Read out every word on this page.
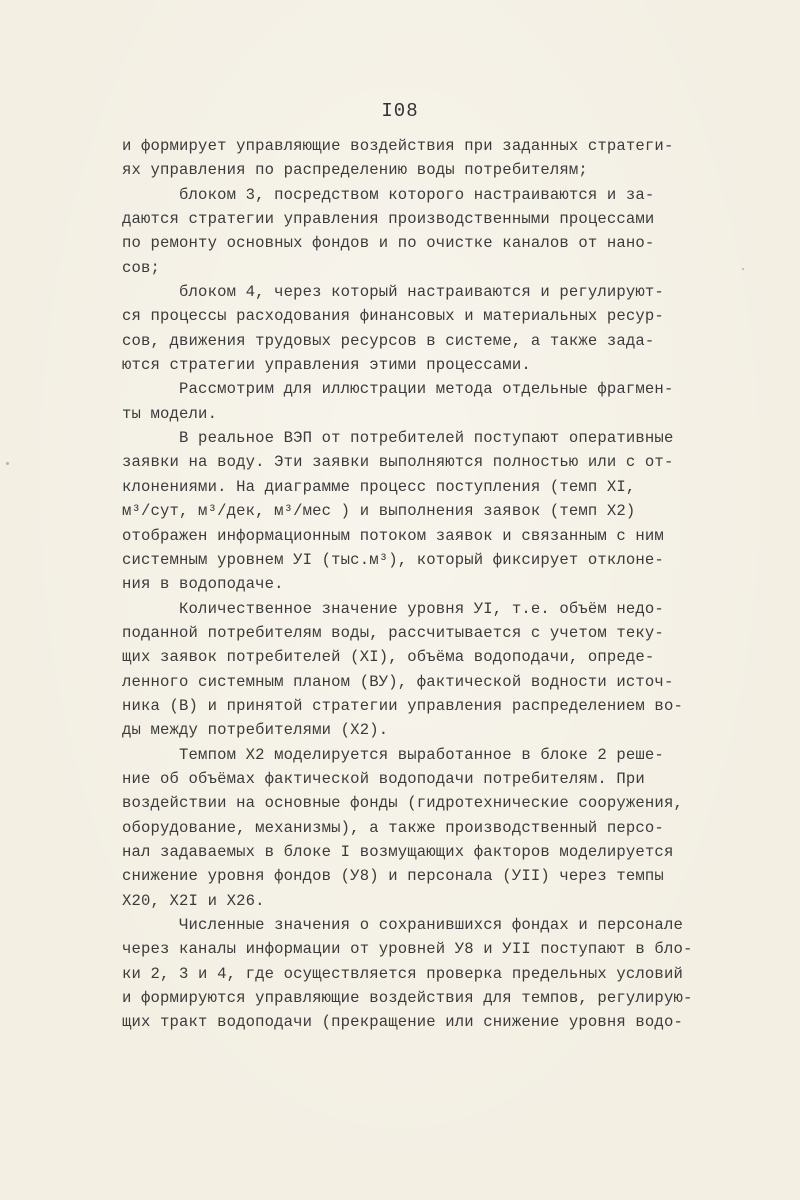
I08
и формирует управляющие воздействия при заданных стратеги-
ях управления по распределению воды потребителям;
блоком 3, посредством которого настраиваются и за-
даются стратегии управления производственными процессами
по ремонту основных фондов и по очистке каналов от нано-
сов;
блоком 4, через который настраиваются и регулируют-
ся процессы расходования финансовых и материальных ресур-
сов, движения трудовых ресурсов в системе, а также зада-
ются стратегии управления этими процессами.
Рассмотрим для иллюстрации метода отдельные фрагмен-
ты модели.
В реальное ВЭП от потребителей поступают оперативные
заявки на воду. Эти заявки выполняются полностью или с от-
клонениями. На диаграмме процесс поступления (темп XI,
м³/сут, м³/дек, м³/мес ) и выполнения заявок (темп Х2)
отображен информационным потоком заявок и связанным с ним
системным уровнем УI (тыс.м³), который фиксирует отклоне-
ния в водоподаче.
Количественное значение уровня УI, т.е. объём недо-
поданной потребителям воды, рассчитывается с учетом теку-
щих заявок потребителей (XI), объёма водоподачи, опреде-
ленного системным планом (ВУ), фактической водности источ-
ника (В) и принятой стратегии управления распределением во-
ды между потребителями (Х2).
Темпом Х2 моделируется выработанное в блоке 2 реше-
ние об объёмах фактической водоподачи потребителям. При
воздействии на основные фонды (гидротехнические сооружения,
оборудование, механизмы), а также производственный персо-
нал задаваемых в блоке I возмущающих факторов моделируется
снижение уровня фондов (У8) и персонала (УII) через темпы
Х20, Х2I и Х26.
Численные значения о сохранившихся фондах и персонале
через каналы информации от уровней У8 и УII поступают в бло-
ки 2, 3 и 4, где осуществляется проверка предельных условий
и формируются управляющие воздействия для темпов, регулирую-
щих тракт водоподачи (прекращение или снижение уровня водо-
